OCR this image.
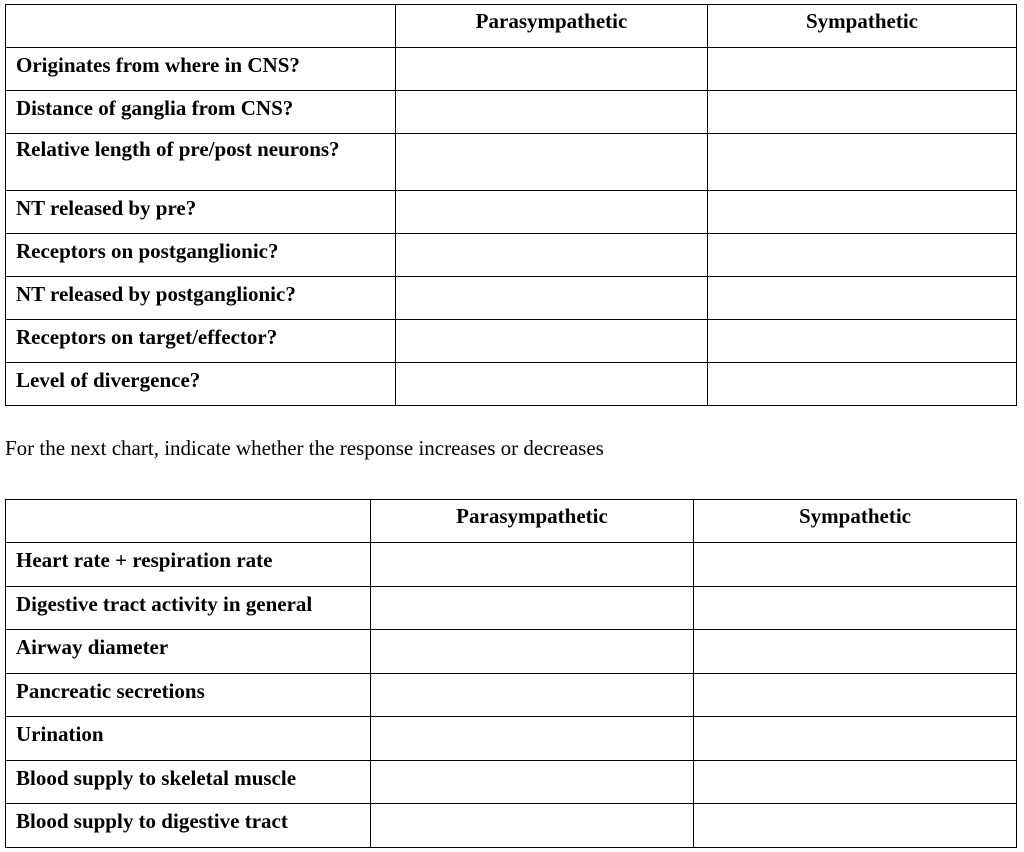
	Parasympathetic	Sympathetic
Originates from where in CNS?		
Distance of ganglia from CNS?		
Relative length of pre/post neurons?		
NT released by pre?		
Receptors on postganglionic?		
NT released by postganglionic?		
Receptors on target/effector?		
Level of divergence?		
For the next chart, indicate whether the response increases or decreases
	Parasympathetic	Sympathetic
Heart rate + respiration rate		
Digestive tract activity in general		
Airway diameter		
Pancreatic secretions		
Urination		
Blood supply to skeletal muscle		
Blood supply to digestive tract		
